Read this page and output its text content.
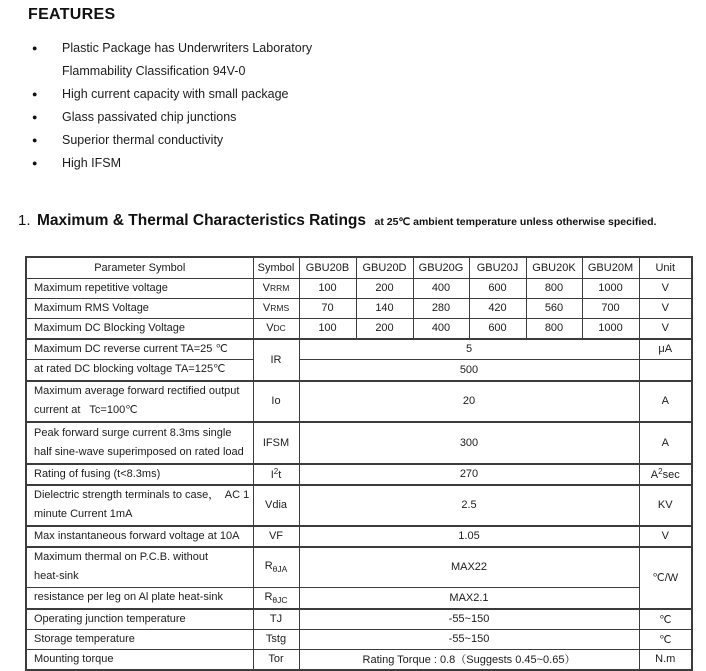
FEATURES
●	Plastic Package has Underwriters Laboratory
Flammability Classification 94V-0
●	High current capacity with small package
●	Glass passivated chip junctions
●	Superior thermal conductivity
●	High IFSM
1. Maximum & Thermal Characteristics Ratings at 25℃ ambient temperature unless otherwise specified.
Parameter Symbol	Symbol	GBU20B	GBU20D	GBU20G	GBU20J	GBU20K	GBU20M	Unit
Maximum repetitive voltage	VRRM	100	200	400	600	800	1000	V
Maximum RMS Voltage	VRMS	70	140	280	420	560	700	V
Maximum DC Blocking Voltage	VDC	100	200	400	600	800	1000	V
Maximum DC reverse current TA=25 ℃	IR	5						μA
at rated DC blocking voltage TA=125℃		500						
Maximum average forward rectified output
current at   Tc=100℃	Io	20						A
Peak forward surge current 8.3ms single
half sine-wave superimposed on rated load	IFSM	300						A
Rating of fusing (t<8.3ms)	$I^2t$	270						$A^2\sec$
Dielectric strength terminals to case，  AC 1
minute Current 1mA	Vdia	2.5						KV
Max instantaneous forward voltage at 10A	VF	1.05						V
Maximum thermal on P.C.B. without
heat-sink	$R_{\theta JA}$	MAX22						℃/W
resistance per leg on Al plate heat-sink	$R_{\theta JC}$	MAX2.1						
Operating junction temperature	TJ	-55~150						℃
Storage temperature	Tstg	-55~150						℃
Mounting torque	Tor	Rating Torque : 0.8（Suggests 0.45~0.65）						N.m
